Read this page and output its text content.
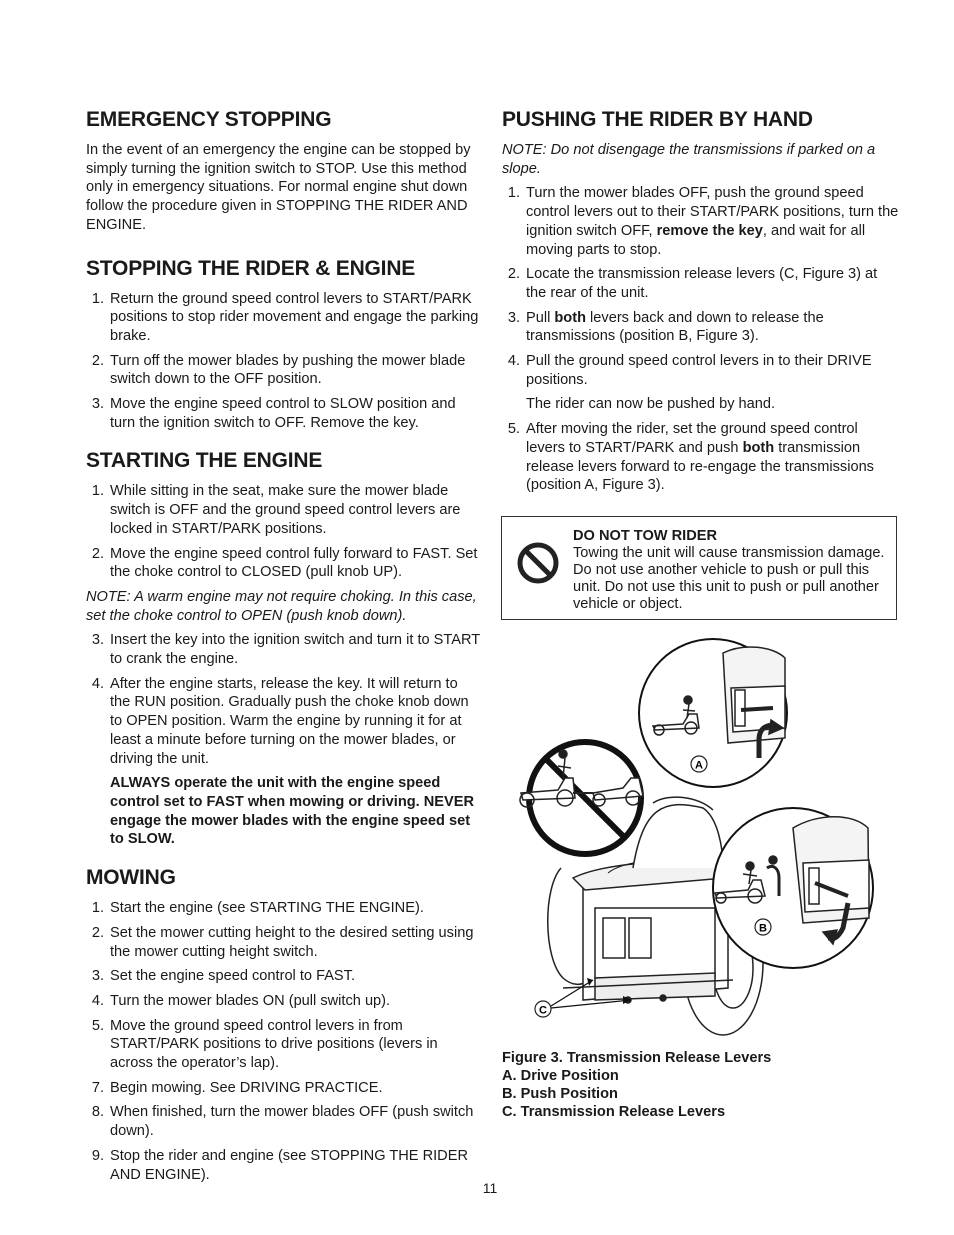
EMERGENCY STOPPING

In the event of an emergency the engine can be stopped by simply turning the ignition switch to STOP. Use this method only in emergency situations. For normal engine shut down follow the procedure given in STOPPING THE RIDER AND ENGINE.

STOPPING THE RIDER & ENGINE
1. Return the ground speed control levers to START/PARK positions to stop rider movement and engage the parking brake.
2. Turn off the mower blades by pushing the mower blade switch down to the OFF position.
3. Move the engine speed control to SLOW position and turn the ignition switch to OFF. Remove the key.
STARTING THE ENGINE
1. While sitting in the seat, make sure the mower blade switch is OFF and the ground speed control levers are locked in START/PARK positions.
2. Move the engine speed control fully forward to FAST. Set the choke control to CLOSED (pull knob UP).

NOTE: A warm engine may not require choking. In this case, set the choke control to OPEN (push knob down).

3. Insert the key into the ignition switch and turn it to START to crank the engine.
4. After the engine starts, release the key. It will return to the RUN position. Gradually push the choke knob down to OPEN position. Warm the engine by running it for at least a minute before turning on the mower blades, or driving the unit.

ALWAYS operate the unit with the engine speed control set to FAST when mowing or driving. NEVER engage the mower blades with the engine speed set to SLOW.

MOWING
1. Start the engine (see STARTING THE ENGINE).
2. Set the mower cutting height to the desired setting using the mower cutting height switch.
3. Set the engine speed control to FAST.
4. Turn the mower blades ON (pull switch up).
5. Move the ground speed control levers in from START/PARK positions to drive positions (levers in across the operator’s lap).
7. Begin mowing. See DRIVING PRACTICE.
8. When finished, turn the mower blades OFF (push switch down).
9. Stop the rider and engine (see STOPPING THE RIDER AND ENGINE).
PUSHING THE RIDER BY HAND

NOTE: Do not disengage the transmissions if parked on a slope.

1. Turn the mower blades OFF, push the ground speed control levers out to their START/PARK positions, turn the ignition switch OFF, remove the key, and wait for all moving parts to stop.
2. Locate the transmission release levers (C, Figure 3) at the rear of the unit.
3. Pull both levers back and down to release the transmissions (position B, Figure 3).
4. Pull the ground speed control levers in to their DRIVE positions.
The rider can now be pushed by hand.
5. After moving the rider, set the ground speed control levers to START/PARK and push both transmission release levers forward to re-engage the transmissions (position A, Figure 3).
DO NOT TOW RIDER
Towing the unit will cause transmission damage. Do not use another vehicle to push or pull this unit. Do not use this unit to push or pull another vehicle or object.
A
B
C
Figure 3. Transmission Release Levers
A. Drive Position
B. Push Position
C. Transmission Release Levers
11
